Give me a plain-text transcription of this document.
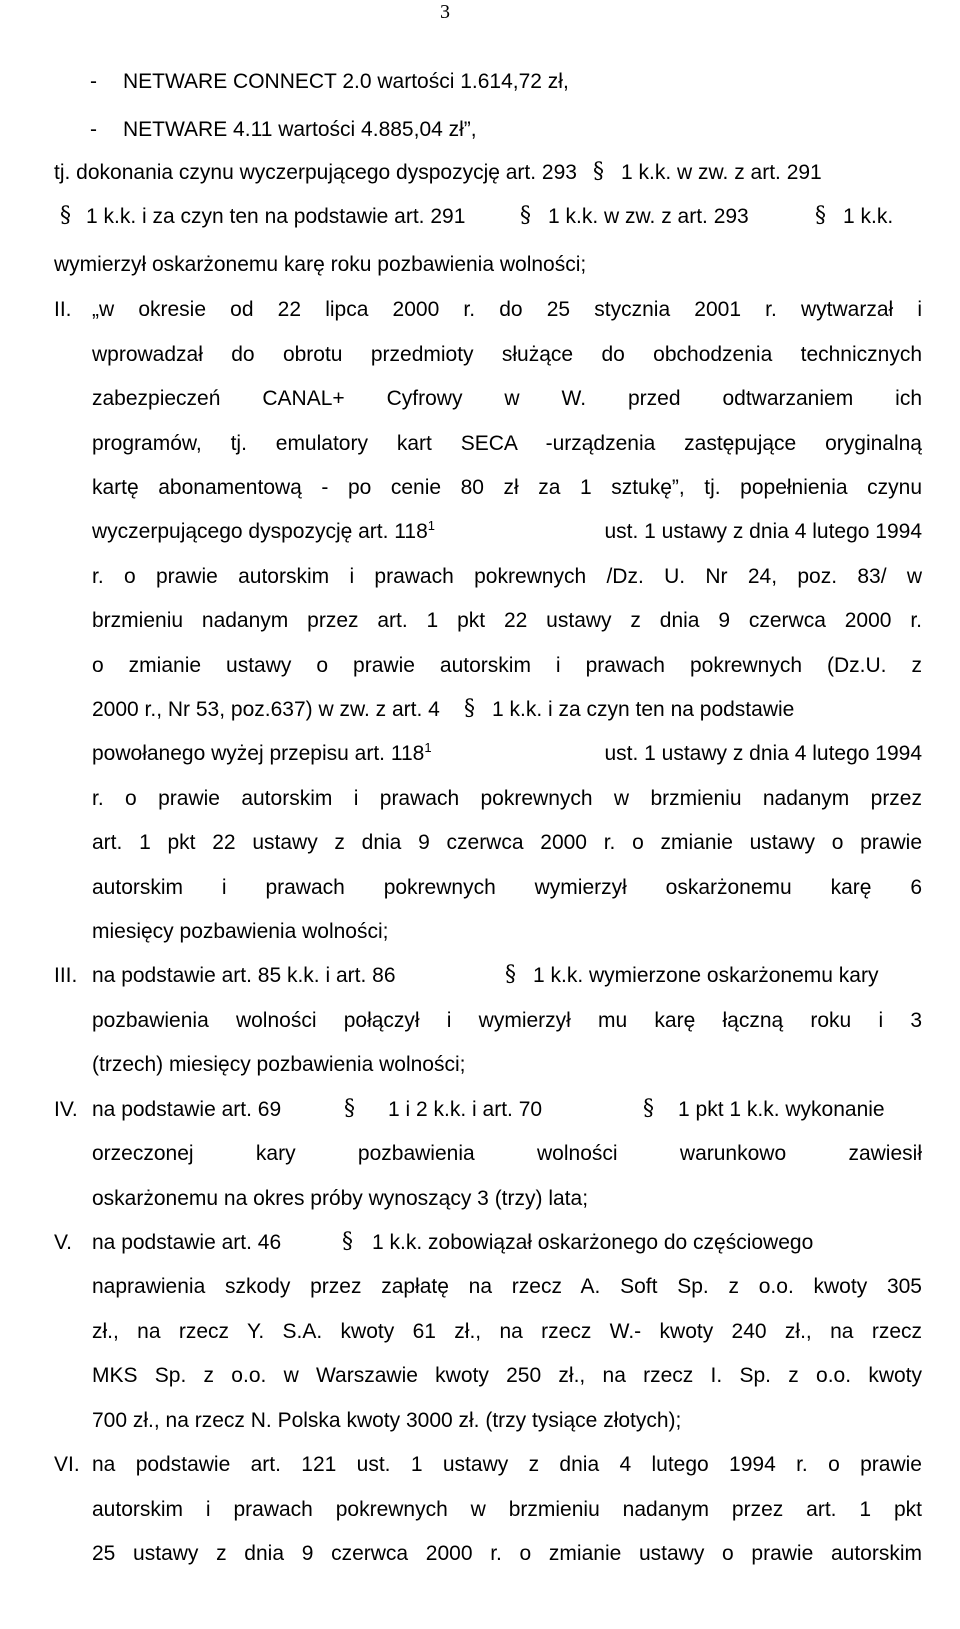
3
- NETWARE CONNECT 2.0 wartości 1.614,72 zł,
- NETWARE 4.11 wartości 4.885,04 zł”,
tj. dokonania czynu wyczerpującego dyspozycję art. 293 § 1 k.k. w zw. z art. 291
§ 1 k.k. i za czyn ten na podstawie art. 291 § 1 k.k. w zw. z art. 293	§ 1 k.k.
wymierzył oskarżonemu karę roku pozbawienia wolności;
II. „w okresie od 22 lipca 2000 r. do 25 stycznia 2001 r. wytwarzał i
wprowadzał do obrotu przedmioty służące do obchodzenia technicznych
zabezpieczeń CANAL+ Cyfrowy w W. przed odtwarzaniem ich
programów, tj. emulatory kart SECA -urządzenia zastępujące oryginalną
kartę abonamentową - po cenie 80 zł za 1 sztukę”, tj. popełnienia czynu
wyczerpującego dyspozycję art. $118^1$	ust. 1 ustawy z dnia 4 lutego 1994
r. o prawie autorskim i prawach pokrewnych /Dz. U. Nr 24, poz. 83/ w
brzmieniu nadanym przez art. 1 pkt 22 ustawy z dnia 9 czerwca 2000 r.
o zmianie ustawy o prawie autorskim i prawach pokrewnych (Dz.U. z
2000 r., Nr 53, poz.637) w zw. z art. 4 § 1 k.k. i za czyn ten na podstawie
powołanego wyżej przepisu art. $118^1$	ust. 1 ustawy z dnia 4 lutego 1994
r. o prawie autorskim i prawach pokrewnych w brzmieniu nadanym przez
art. 1 pkt 22 ustawy z dnia 9 czerwca 2000 r. o zmianie ustawy o prawie
autorskim i prawach pokrewnych wymierzył oskarżonemu karę 6
miesięcy pozbawienia wolności;
III. na podstawie art. 85 k.k. i art. 86	§ 1 k.k. wymierzone oskarżonemu kary
pozbawienia wolności połączył i wymierzył mu karę łączną roku i 3
(trzech) miesięcy pozbawienia wolności;
IV. na podstawie art. 69	§ 1 i 2 k.k. i art. 70	§ 1 pkt 1 k.k. wykonanie
orzeczonej kary pozbawienia wolności warunkowo zawiesił
oskarżonemu na okres próby wynoszący 3 (trzy) lata;
V. na podstawie art. 46	§ 1 k.k. zobowiązał oskarżonego do częściowego
naprawienia szkody przez zapłatę na rzecz A. Soft Sp. z o.o. kwoty 305
zł., na rzecz Y. S.A. kwoty 61 zł., na rzecz W.- kwoty 240 zł., na rzecz
MKS Sp. z o.o. w Warszawie kwoty 250 zł., na rzecz I. Sp. z o.o. kwoty
700 zł., na rzecz N. Polska kwoty 3000 zł. (trzy tysiące złotych);
VI. na podstawie art. 121 ust. 1 ustawy z dnia 4 lutego 1994 r. o prawie
autorskim i prawach pokrewnych w brzmieniu nadanym przez art. 1 pkt
25 ustawy z dnia 9 czerwca 2000 r. o zmianie ustawy o prawie autorskim
